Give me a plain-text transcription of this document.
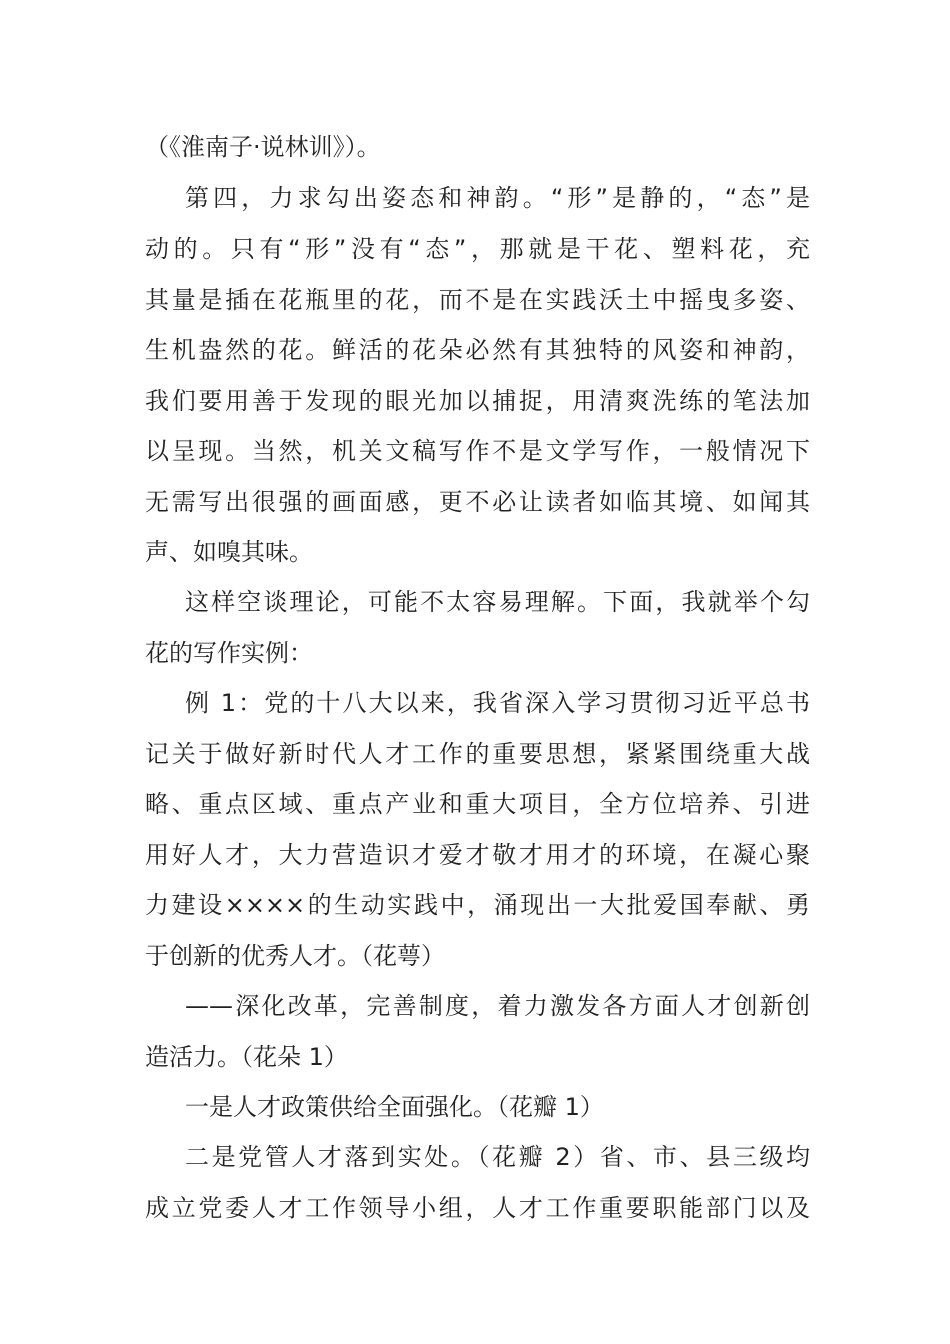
（《淮南子·说林训》）。
第四，力求勾出姿态和神韵。“形”是静的，“态”是
动的。只有“形”没有“态”，那就是干花、塑料花，充
其量是插在花瓶里的花，而不是在实践沃土中摇曳多姿、
生机盎然的花。鲜活的花朵必然有其独特的风姿和神韵，
我们要用善于发现的眼光加以捕捉，用清爽洗练的笔法加
以呈现。当然，机关文稿写作不是文学写作，一般情况下
无需写出很强的画面感，更不必让读者如临其境、如闻其
声、如嗅其味。
这样空谈理论，可能不太容易理解。下面，我就举个勾
花的写作实例：
例 1：党的十八大以来，我省深入学习贯彻习近平总书
记关于做好新时代人才工作的重要思想，紧紧围绕重大战
略、重点区域、重点产业和重大项目，全方位培养、引进
用好人才，大力营造识才爱才敬才用才的环境，在凝心聚
力建设××××的生动实践中，涌现出一大批爱国奉献、勇
于创新的优秀人才。（花萼）
——深化改革，完善制度，着力激发各方面人才创新创
造活力。（花朵 1）
一是人才政策供给全面强化。（花瓣 1）
二是党管人才落到实处。（花瓣 2）省、市、县三级均
成立党委人才工作领导小组，人才工作重要职能部门以及
